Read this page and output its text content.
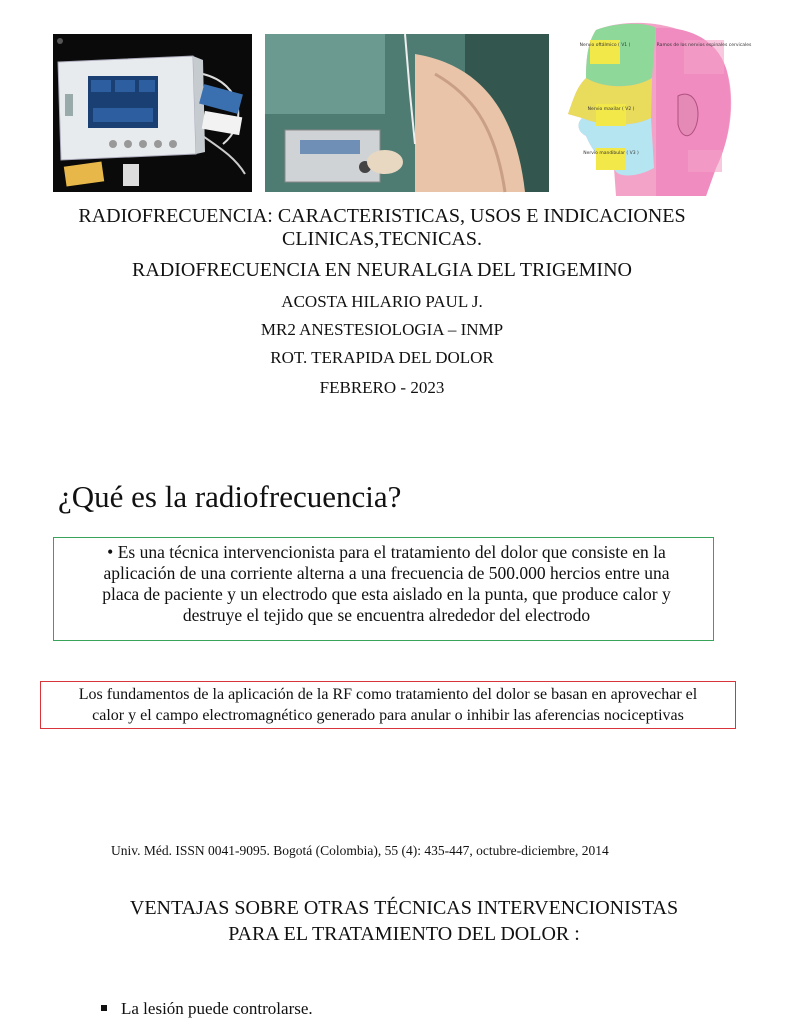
Nervio oftálmico ( V1 )
Nervio maxilar ( V2 )
Nervio mandibular ( V3 )
Ramos de los nervios espinales cervicales
RADIOFRECUENCIA: CARACTERISTICAS, USOS E INDICACIONES
CLINICAS,TECNICAS.
RADIOFRECUENCIA EN NEURALGIA DEL TRIGEMINO
ACOSTA HILARIO PAUL J.
MR2 ANESTESIOLOGIA – INMP
ROT. TERAPIDA DEL DOLOR
FEBRERO - 2023
¿Qué es la radiofrecuencia?
• Es una técnica intervencionista para el tratamiento del dolor que consiste en la
aplicación de una corriente alterna a una frecuencia de 500.000 hercios entre una
placa de paciente y un electrodo que esta aislado en la punta, que produce calor y
destruye el tejido que se encuentra alrededor del electrodo
Los fundamentos de la aplicación de la RF como tratamiento del dolor se basan en aprovechar el
calor y el campo electromagnético generado para anular o inhibir las aferencias nociceptivas
Univ. Méd. ISSN 0041-9095. Bogotá (Colombia), 55 (4): 435-447, octubre-diciembre, 2014
VENTAJAS SOBRE OTRAS TÉCNICAS INTERVENCIONISTAS
PARA EL TRATAMIENTO DEL DOLOR :
La lesión puede controlarse.
